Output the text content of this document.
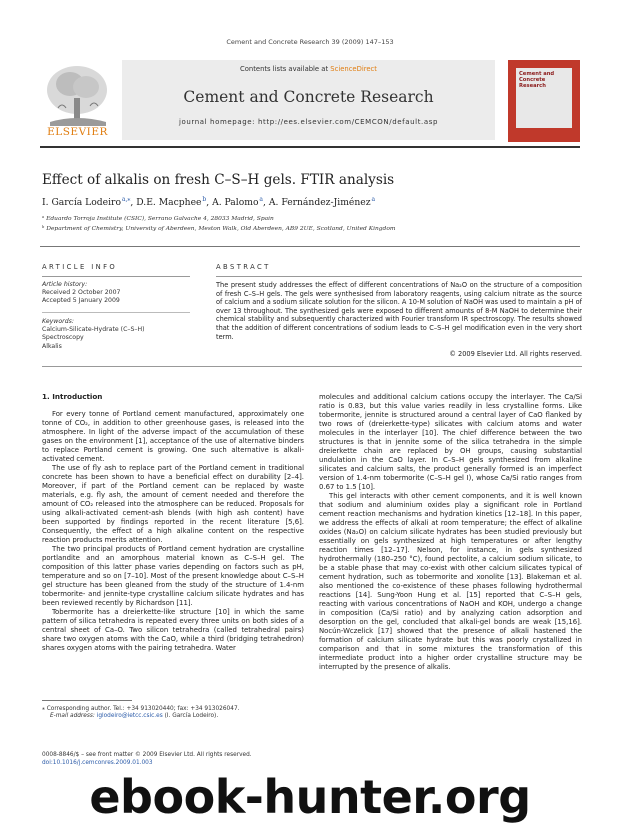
Cement and Concrete Research 39 (2009) 147–153
ELSEVIER
Contents lists available at ScienceDirect
Cement and Concrete Research
journal homepage: http://ees.elsevier.com/CEMCON/default.asp
Cement and Concrete Research
Effect of alkalis on fresh C–S–H gels. FTIR analysis
I. García Lodeiro $^{a,⁎}$, D.E. Macphee $^b$, A. Palomo $^a$, A. Fernández-Jiménez $^a$
ᵃ Eduardo Torroja Institute (CSIC), Serrano Galvache 4, 28033 Madrid, Spain
ᵇ Department of Chemistry, University of Aberdeen, Meston Walk, Old Aberdeen, AB9 2UE, Scotland, United Kingdom
ARTICLE INFO	ABSTRACT
Article history:
Received 2 October 2007
Accepted 5 January 2009
Keywords:
Calcium-Silicate-Hydrate (C–S–H)
Spectroscopy
Alkalis
The present study addresses the effect of different concentrations of Na₂O on the structure of a composition of fresh C–S–H gels. The gels were synthesised from laboratory reagents, using calcium nitrate as the source of calcium and a sodium silicate solution for the silicon. A 10-M solution of NaOH was used to maintain a pH of over 13 throughout. The synthesized gels were exposed to different amounts of 8-M NaOH to determine their chemical stability and subsequently characterized with Fourier transform IR spectroscopy. The results showed that the addition of different concentrations of sodium leads to C–S–H gel modification even in the very short term.
© 2009 Elsevier Ltd. All rights reserved.
1. Introduction

For every tonne of Portland cement manufactured, approximately one tonne of CO₂, in addition to other greenhouse gases, is released into the atmosphere. In light of the adverse impact of the accumulation of these gases on the environment [1], acceptance of the use of alternative binders to replace Portland cement is growing. One such alternative is alkali-activated cement.

The use of fly ash to replace part of the Portland cement in traditional concrete has been shown to have a beneficial effect on durability [2–4]. Moreover, if part of the Portland cement can be replaced by waste materials, e.g. fly ash, the amount of cement needed and therefore the amount of CO₂ released into the atmosphere can be reduced. Proposals for using alkali-activated cement-ash blends (with high ash content) have been supported by findings reported in the recent literature [5,6]. Consequently, the effect of a high alkaline content on the respective reaction products merits attention.

The two principal products of Portland cement hydration are crystalline portlandite and an amorphous material known as C–S–H gel. The composition of this latter phase varies depending on factors such as pH, temperature and so on [7–10]. Most of the present knowledge about C–S–H gel structure has been gleaned from the study of the structure of 1.4-nm tobermorite- and jennite-type crystalline calcium silicate hydrates and has been reviewed recently by Richardson [11].

Tobermorite has a dreierkette-like structure [10] in which the same pattern of silica tetrahedra is repeated every three units on both sides of a central sheet of Ca–O. Two silicon tetrahedra (called tetrahedral pairs) share two oxygen atoms with the CaO, while a third (bridging tetrahedron) shares oxygen atoms with the pairing tetrahedra. Water

molecules and additional calcium cations occupy the interlayer. The Ca/Si ratio is 0.83, but this value varies readily in less crystalline forms. Like tobermorite, jennite is structured around a central layer of CaO flanked by two rows of (dreierkette-type) silicates with calcium atoms and water molecules in the interlayer [10]. The chief difference between the two structures is that in jennite some of the silica tetrahedra in the simple dreierkette chain are replaced by OH groups, causing substantial undulation in the CaO layer. In C–S–H gels synthesized from alkaline silicates and calcium salts, the product generally formed is an imperfect version of 1.4-nm tobermorite (C–S–H gel I), whose Ca/Si ratio ranges from 0.67 to 1.5 [10].

This gel interacts with other cement components, and it is well known that sodium and aluminium oxides play a significant role in Portland cement reaction mechanisms and hydration kinetics [12–18]. In this paper, we address the effects of alkali at room temperature; the effect of alkaline oxides (Na₂O) on calcium silicate hydrates has been studied previously but essentially on gels synthesized at high temperatures or after lengthy reaction times [12–17]. Nelson, for instance, in gels synthesized hydrothermally (180–250 °C), found pectolite, a calcium sodium silicate, to be a stable phase that may co-exist with other calcium silicates typical of cement hydration, such as tobermorite and xonolite [13]. Blakeman et al. also mentioned the co-existence of these phases following hydrothermal reactions [14]. Sung-Yoon Hung et al. [15] reported that C–S–H gels, reacting with various concentrations of NaOH and KOH, undergo a change in composition (Ca/Si ratio) and by analyzing cation adsorption and desorption on the gel, concluded that alkali-gel bonds are weak [15,16]. Nocún-Wczelick [17] showed that the presence of alkali hastened the formation of calcium silicate hydrate but this was poorly crystallized in comparison and that in some mixtures the transformation of this intermediate product into a higher order crystalline structure may be interrupted by the presence of alkalis.

⁎ Corresponding author. Tel.: +34 913020440; fax: +34 913026047.
E-mail address: iglodeiro@ietcc.csic.es (I. García Lodeiro).
0008-8846/$ – see front matter © 2009 Elsevier Ltd. All rights reserved.
doi:10.1016/j.cemconres.2009.01.003
ebook-hunter.org
